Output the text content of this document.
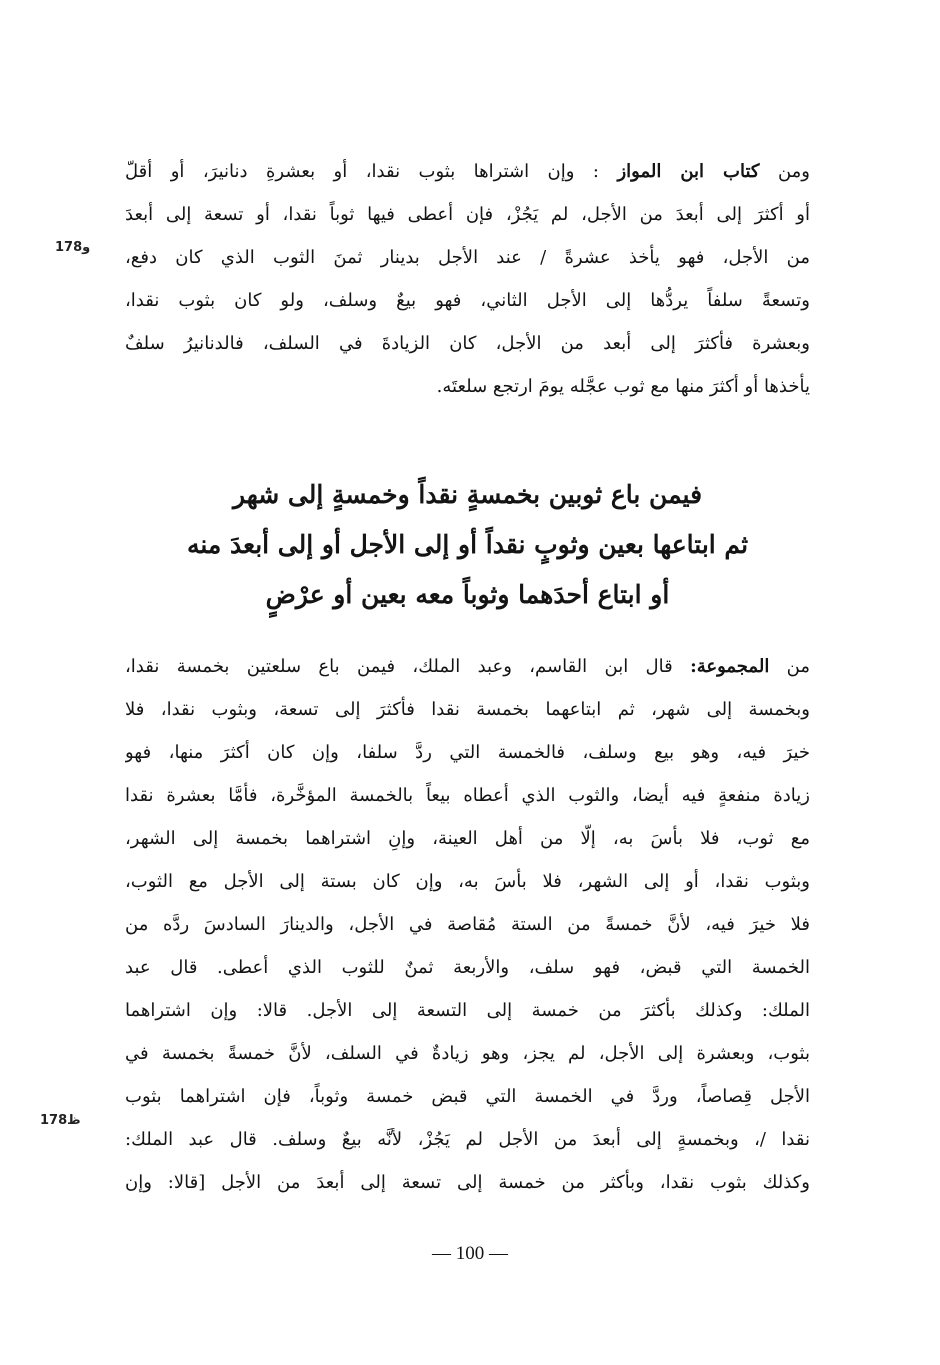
ومن كتاب ابن المواز : وإن اشتراها بثوب نقدا، أو بعشرةِ دنانيرَ، أو أقلّ
أو أكثرَ إلى أبعدَ من الأجل، لم يَجُزْ، فإن أعطى فيها ثوباً نقدا، أو تسعة إلى أبعدَ
من الأجل، فهو يأخذ عشرةً / عند الأجل بدينار ثمنَ الثوب الذي كان دفع،
وتسعةً سلفاً يردُّها إلى الأجل الثاني، فهو بيعٌ وسلف، ولو كان بثوب نقدا،
وبعشرة فأكثرَ إلى أبعد من الأجل، كان الزيادةَ في السلف، فالدنانيرُ سلفٌ
يأخذها أو أكثرَ منها مع ثوب عجَّله يومَ ارتجع سلعتَه.
178و
فيمن باع ثوبين بخمسةٍ نقداً وخمسةٍ إلى شهر
ثم ابتاعها بعين وثوبٍ نقداً أو إلى الأجل أو إلى أبعدَ منه
أو ابتاع أحدَهما وثوباً معه بعين أو عرْضٍ
من المجموعة: قال ابن القاسم، وعبد الملك، فيمن باع سلعتين بخمسة نقدا،
وبخمسة إلى شهر، ثم ابتاعهما بخمسة نقدا فأكثرَ إلى تسعة، وبثوب نقدا، فلا
خيرَ فيه، وهو بيع وسلف، فالخمسة التي ردَّ سلفا، وإن كان أكثرَ منها، فهو
زيادة منفعةٍ فيه أيضا، والثوب الذي أعطاه بيعاً بالخمسة المؤخَّرة، فأمَّا بعشرة نقدا
مع ثوب، فلا بأسَ به، إلّا من أهل العينة، وإنِ اشتراهما بخمسة إلى الشهر،
وبثوب نقدا، أو إلى الشهر، فلا بأسَ به، وإن كان بستة إلى الأجل مع الثوب،
فلا خيرَ فيه، لأنَّ خمسةً من الستة مُقاصة في الأجل، والدينارَ السادسَ ردَّه من
الخمسة التي قبض، فهو سلف، والأربعة ثمنٌ للثوب الذي أعطى. قال عبد
الملك: وكذلك بأكثرَ من خمسة إلى التسعة إلى الأجل. قالا: وإن اشتراهما
بثوب، وبعشرة إلى الأجل، لم يجز، وهو زيادةٌ في السلف، لأنَّ خمسةً بخمسة في
الأجل قِصاصاً، وردَّ في الخمسة التي قبض خمسة وثوباً، فإن اشتراهما بثوب
نقدا /، وبخمسةٍ إلى أبعدَ من الأجل لم يَجُزْ، لأنَّه بيعٌ وسلف. قال عبد الملك:
وكذلك بثوب نقدا، وبأكثر من خمسة إلى تسعة إلى أبعدَ من الأجل [قالا: وإن
178ظ
— 100 —
